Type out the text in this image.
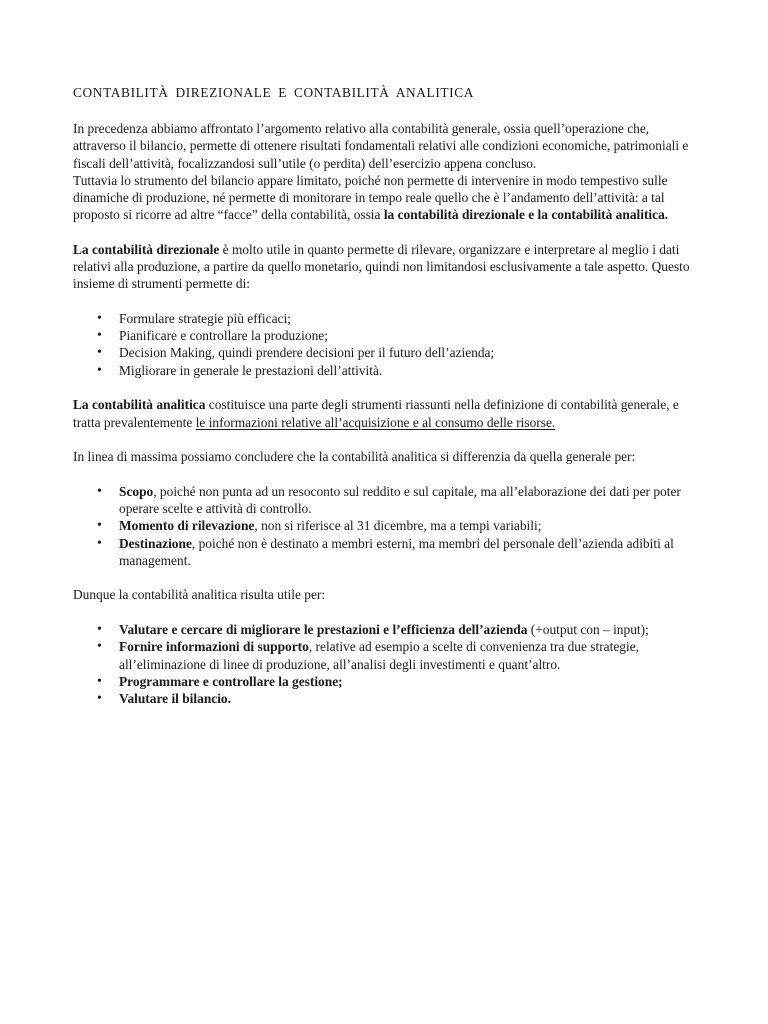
CONTABILITÀ DIREZIONALE E CONTABILITÀ ANALITICA

In precedenza abbiamo affrontato l’argomento relativo alla contabilità generale, ossia quell’operazione che, attraverso il bilancio, permette di ottenere risultati fondamentali relativi alle condizioni economiche, patrimoniali e fiscali dell’attività, focalizzandosi sull’utile (o perdita) dell’esercizio appena concluso.
Tuttavia lo strumento del bilancio appare limitato, poiché non permette di intervenire in modo tempestivo sulle dinamiche di produzione, né permette di monitorare in tempo reale quello che è l’andamento dell’attività: a tal proposto si ricorre ad altre “facce” della contabilità, ossia la contabilità direzionale e la contabilità analitica.

La contabilità direzionale è molto utile in quanto permette di rilevare, organizzare e interpretare al meglio i dati relativi alla produzione, a partire da quello monetario, quindi non limitandosi esclusivamente a tale aspetto. Questo insieme di strumenti permette di:

• Formulare strategie più efficaci;
• Pianificare e controllare la produzione;
• Decision Making, quindi prendere decisioni per il futuro dell’azienda;
• Migliorare in generale le prestazioni dell’attività.

La contabilità analitica costituisce una parte degli strumenti riassunti nella definizione di contabilità generale, e tratta prevalentemente le informazioni relative all’acquisizione e al consumo delle risorse.

In linea di massima possiamo concludere che la contabilità analitica si differenzia da quella generale per:

• Scopo, poiché non punta ad un resoconto sul reddito e sul capitale, ma all’elaborazione dei dati per poter operare scelte e attività di controllo.
• Momento di rilevazione, non si riferisce al 31 dicembre, ma a tempi variabili;
• Destinazione, poiché non è destinato a membri esterni, ma membri del personale dell’azienda adibiti al management.

Dunque la contabilità analitica risulta utile per:

• Valutare e cercare di migliorare le prestazioni e l’efficienza dell’azienda (+output con – input);
• Fornire informazioni di supporto, relative ad esempio a scelte di convenienza tra due strategie, all’eliminazione di linee di produzione, all’analisi degli investimenti e quant’altro.
• Programmare e controllare la gestione;
• Valutare il bilancio.
